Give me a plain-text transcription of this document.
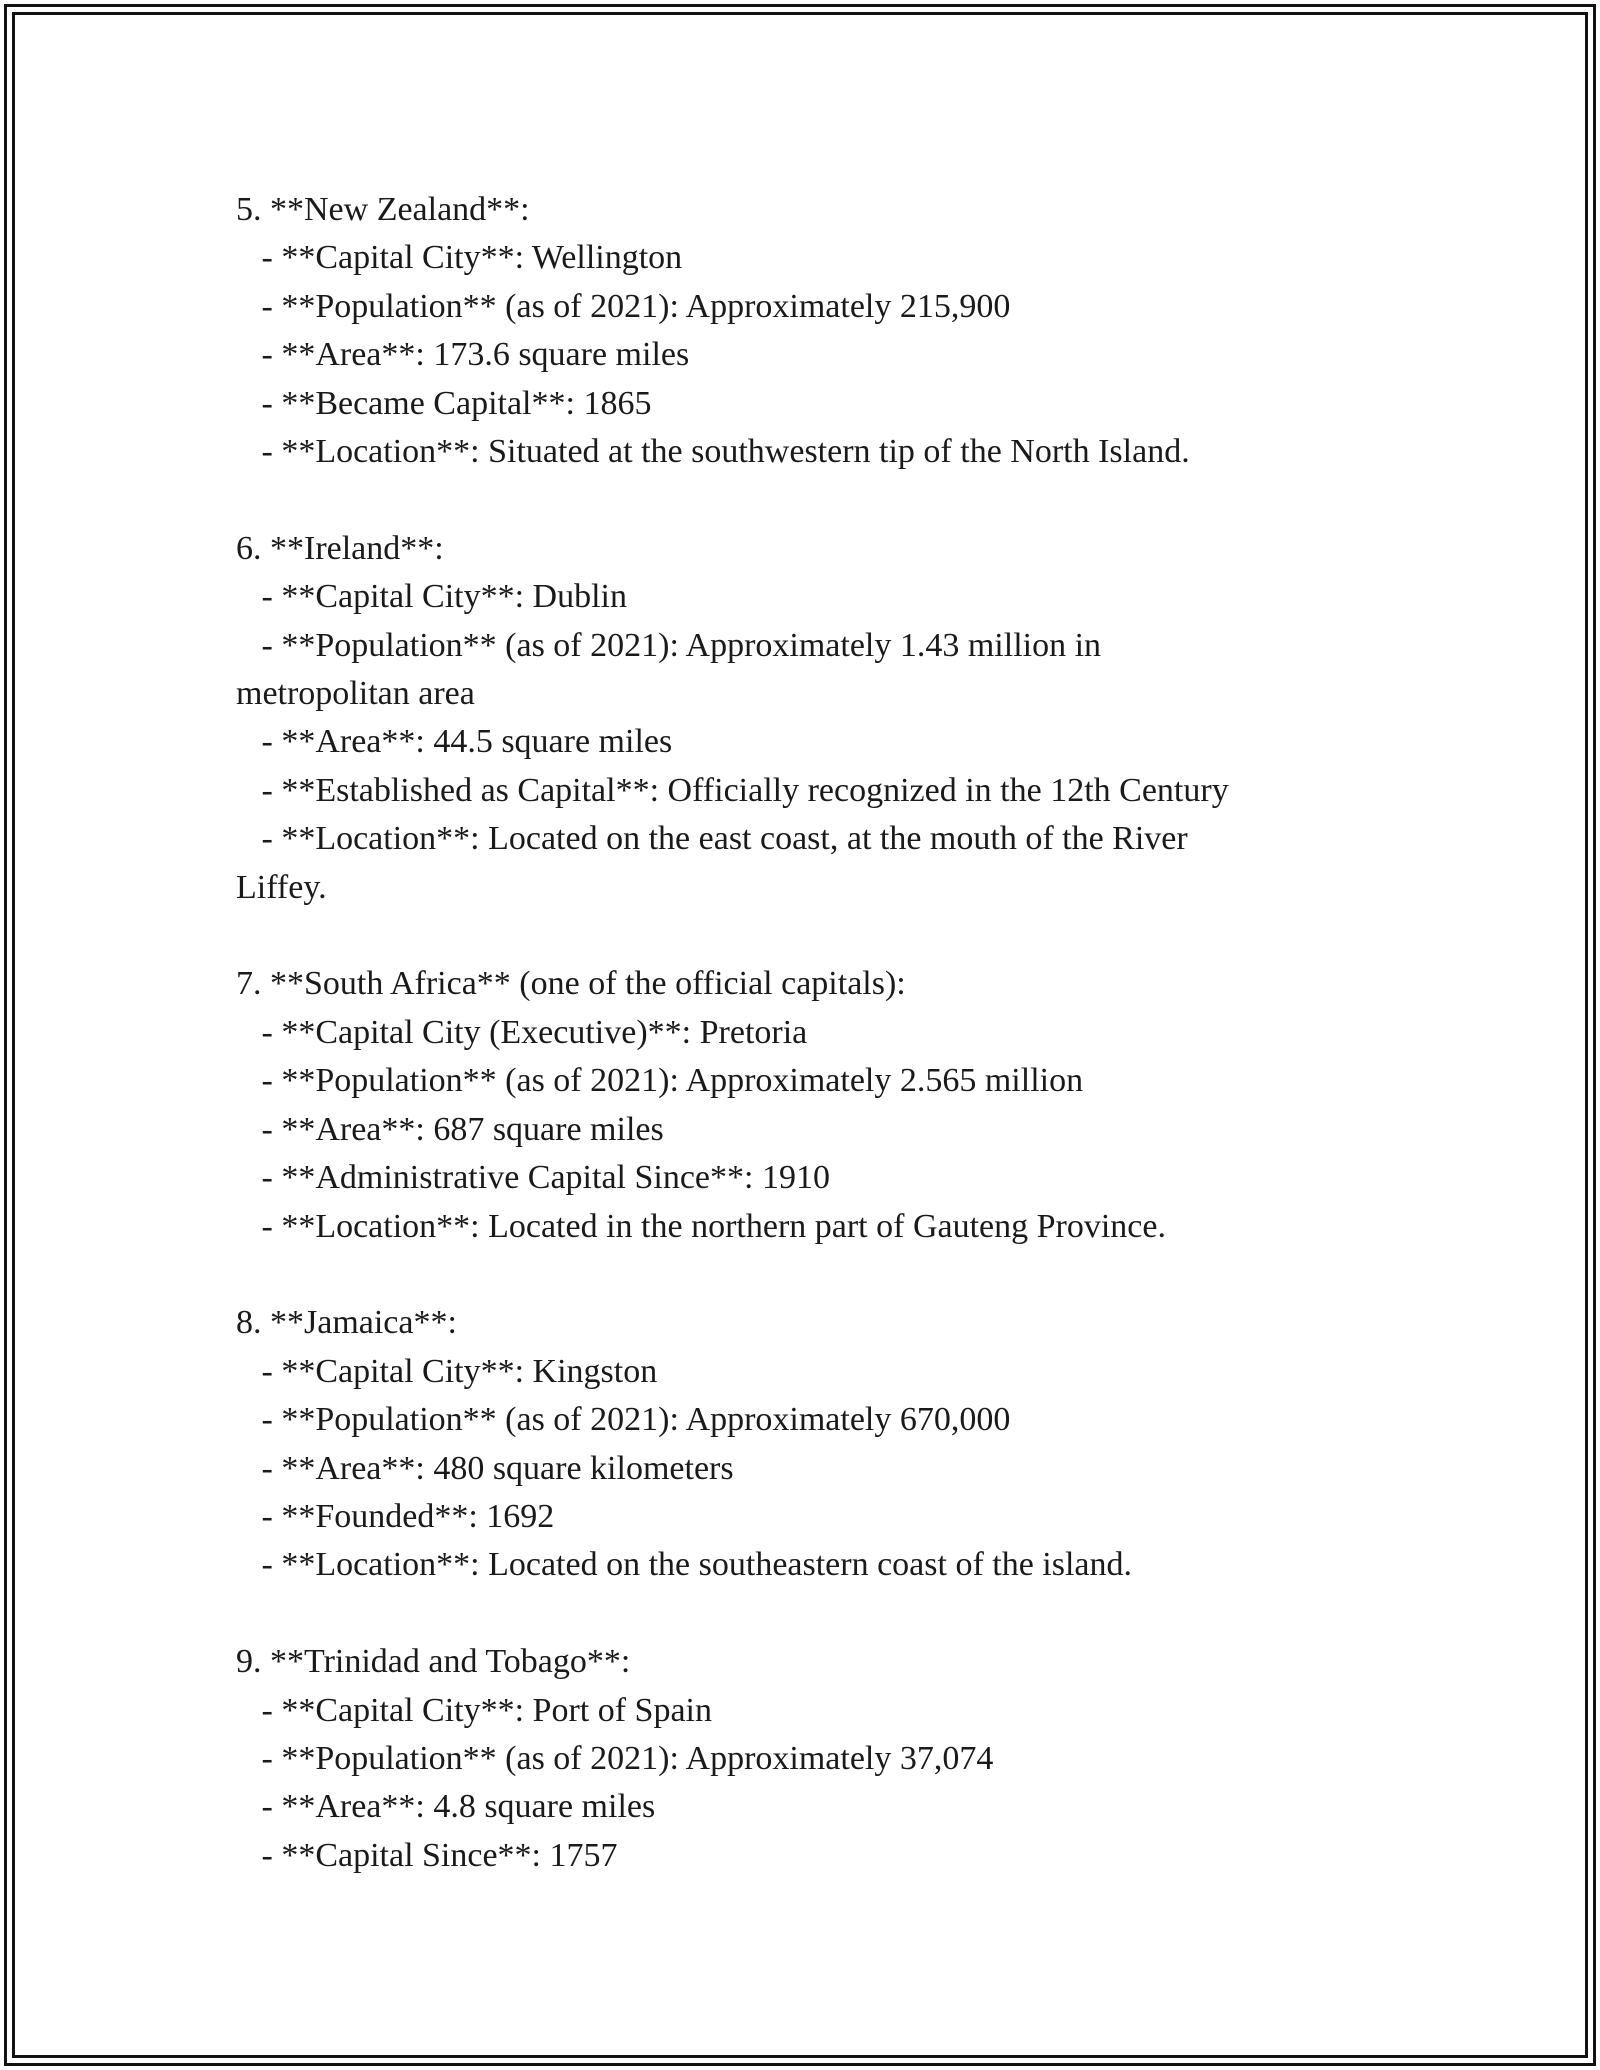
5. **New Zealand**:

- **Capital City**: Wellington

- **Population** (as of 2021): Approximately 215,900

- **Area**: 173.6 square miles

- **Became Capital**: 1865

- **Location**: Situated at the southwestern tip of the North Island.

6. **Ireland**:

- **Capital City**: Dublin

- **Population** (as of 2021): Approximately 1.43 million in

metropolitan area

- **Area**: 44.5 square miles

- **Established as Capital**: Officially recognized in the 12th Century

- **Location**: Located on the east coast, at the mouth of the River

Liffey.

7. **South Africa** (one of the official capitals):

- **Capital City (Executive)**: Pretoria

- **Population** (as of 2021): Approximately 2.565 million

- **Area**: 687 square miles

- **Administrative Capital Since**: 1910

- **Location**: Located in the northern part of Gauteng Province.

8. **Jamaica**:

- **Capital City**: Kingston

- **Population** (as of 2021): Approximately 670,000

- **Area**: 480 square kilometers

- **Founded**: 1692

- **Location**: Located on the southeastern coast of the island.

9. **Trinidad and Tobago**:

- **Capital City**: Port of Spain

- **Population** (as of 2021): Approximately 37,074

- **Area**: 4.8 square miles

- **Capital Since**: 1757
